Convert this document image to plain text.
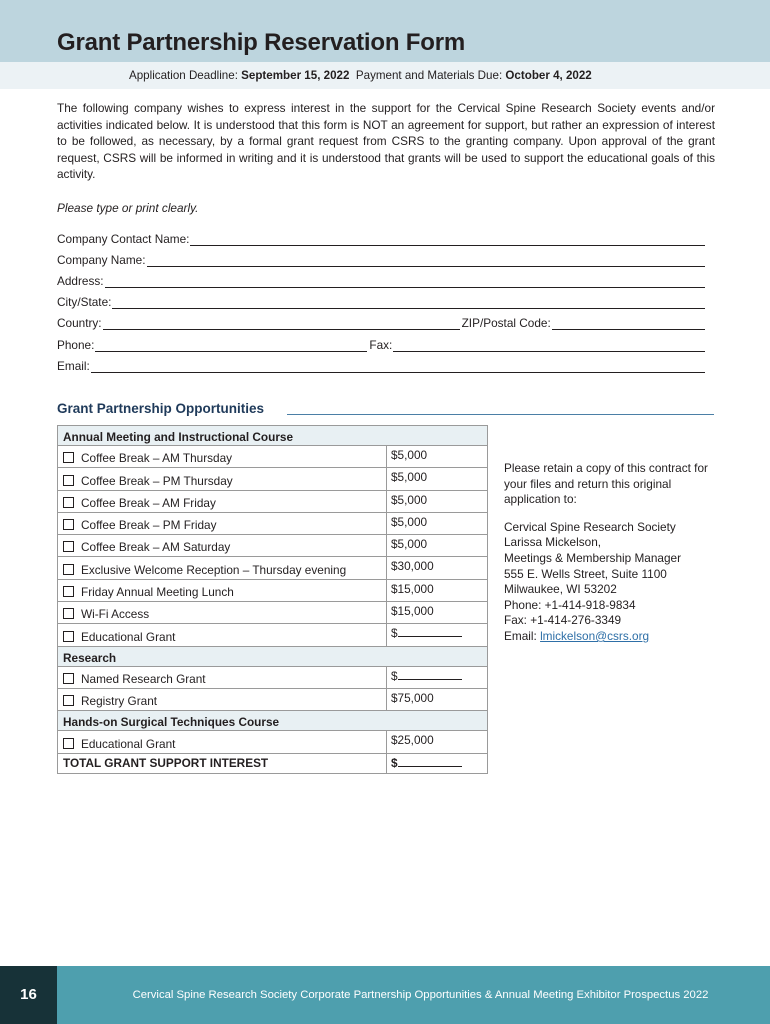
Grant Partnership Reservation Form
Application Deadline: September 15, 2022 Payment and Materials Due: October 4, 2022
The following company wishes to express interest in the support for the Cervical Spine Research Society events and/or activities indicated below. It is understood that this form is NOT an agreement for support, but rather an expression of interest to be followed, as necessary, by a formal grant request from CSRS to the granting company. Upon approval of the grant request, CSRS will be informed in writing and it is understood that grants will be used to support the educational goals of this activity.
Please type or print clearly.
Company Contact Name:
Company Name:
Address:
City/State:
Country:	ZIP/Postal Code:
Phone:	Fax:
Email:
Grant Partnership Opportunities
Annual Meeting and Instructional Course	
Coffee Break – AM Thursday	$5,000
Coffee Break – PM Thursday	$5,000
Coffee Break – AM Friday	$5,000
Coffee Break – PM Friday	$5,000
Coffee Break – AM Saturday	$5,000
Exclusive Welcome Reception – Thursday evening	$30,000
Friday Annual Meeting Lunch	$15,000
Wi-Fi Access	$15,000
Educational Grant	$
Research	
Named Research Grant	$
Registry Grant	$75,000
Hands-on Surgical Techniques Course	
Educational Grant	$25,000
TOTAL GRANT SUPPORT INTEREST	$

Please retain a copy of this contract for your files and return this original application to:

Cervical Spine Research Society
Larissa Mickelson,
Meetings & Membership Manager
555 E. Wells Street, Suite 1100
Milwaukee, WI 53202
Phone: +1-414-918-9834
Fax: +1-414-276-3349
Email: lmickelson@csrs.org
16	Cervical Spine Research Society Corporate Partnership Opportunities & Annual Meeting Exhibitor Prospectus 2022
